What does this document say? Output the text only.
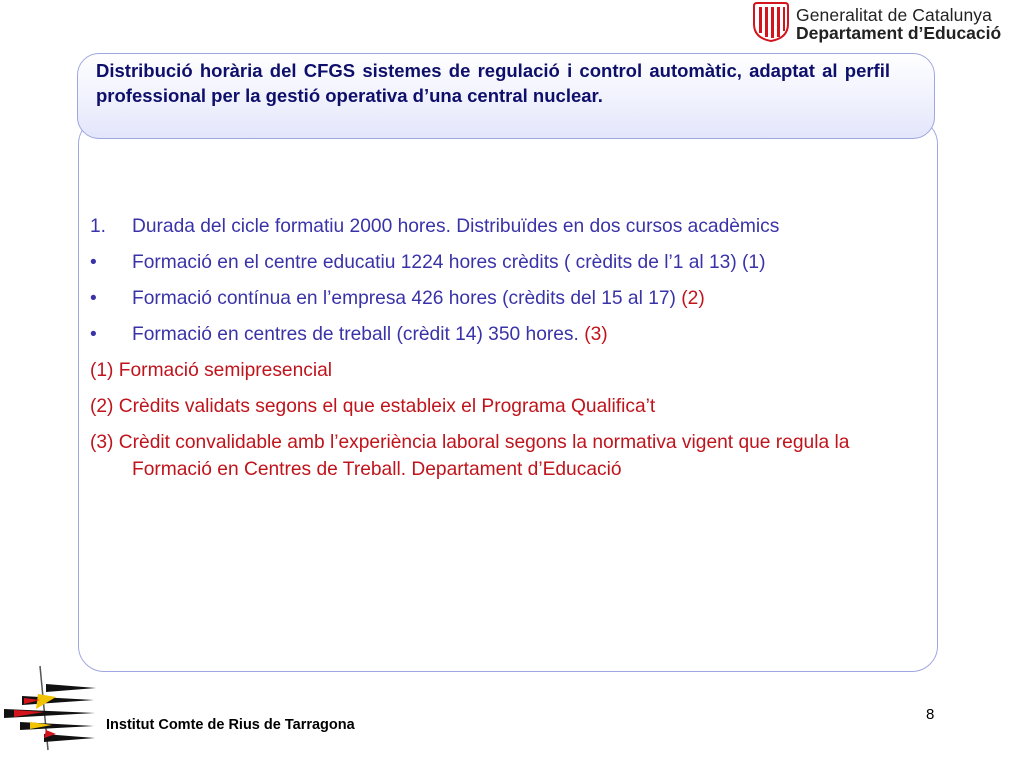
Generalitat de Catalunya
Departament d’Educació

Distribució horària del CFGS sistemes de regulació i control automàtic, adaptat al perfil professional per la gestió operativa d’una central nuclear.

1. Durada del cicle formatiu 2000 hores. Distribuïdes en dos cursos acadèmics
• Formació en el centre educatiu 1224 hores crèdits ( crèdits de l’1 al 13) (1)
• Formació contínua en l’empresa 426 hores (crèdits del 15 al 17) (2)
• Formació en centres de treball (crèdit 14) 350 hores. (3)
(1) Formació semipresencial
(2) Crèdits validats segons el que estableix el Programa Qualifica’t
(3) Crèdit convalidable amb l’experiència laboral segons la normativa vigent que regula la Formació en Centres de Treball. Departament d’Educació
Institut Comte de Rius de Tarragona
8
